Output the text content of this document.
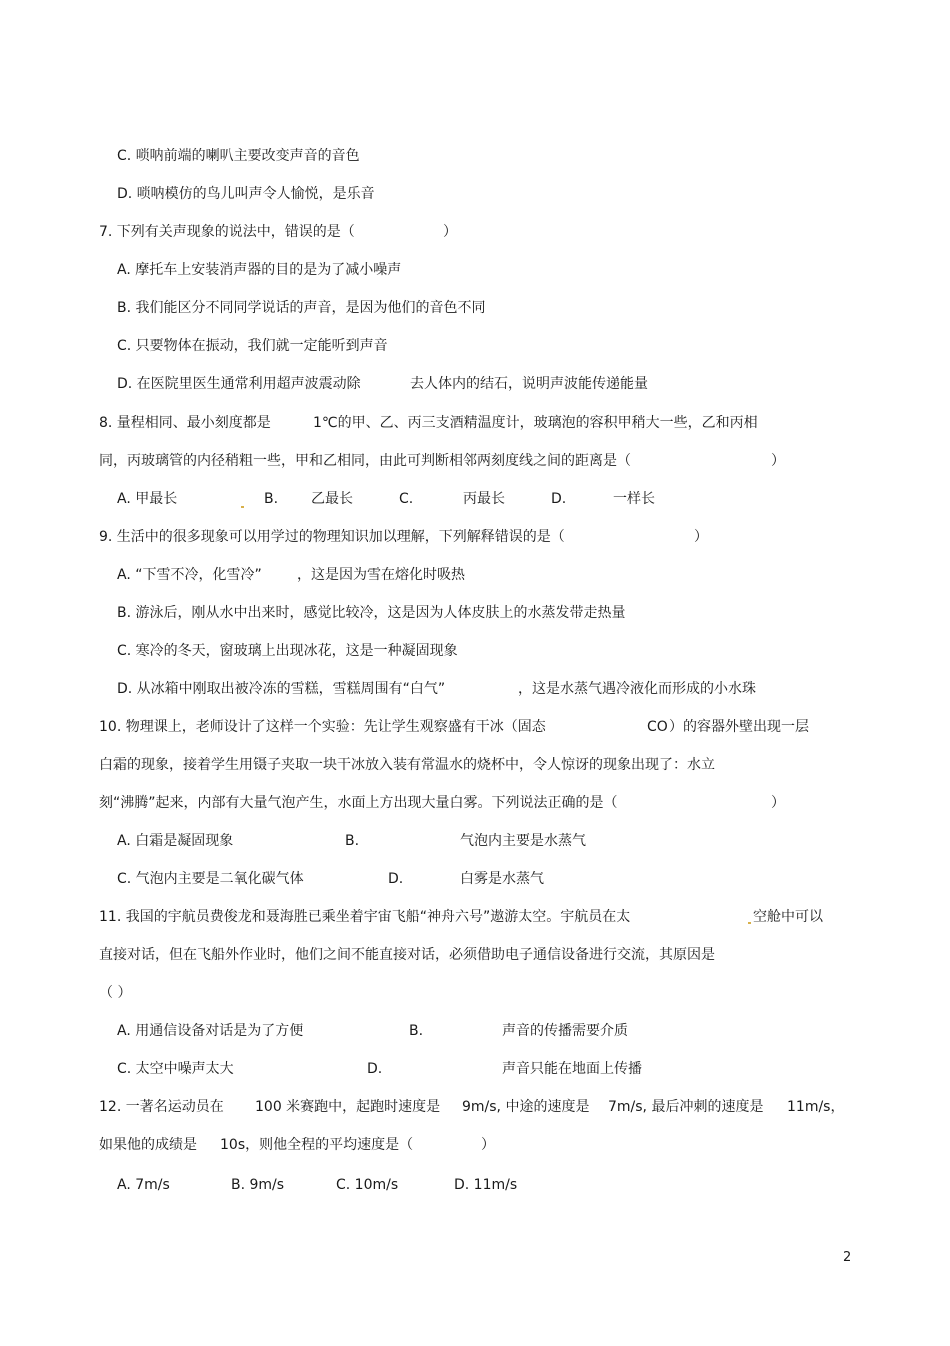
C. 唢呐前端的喇叭主要改变声音的音色
D. 唢呐模仿的鸟儿叫声令人愉悦，是乐音
7. 下列有关声现象的说法中，错误的是（	）
A. 摩托车上安装消声器的目的是为了减小噪声
B. 我们能区分不同同学说话的声音，是因为他们的音色不同
C. 只要物体在振动，我们就一定能听到声音
D. 在医院里医生通常利用超声波震动除	去人体内的结石，说明声波能传递能量
8. 量程相同、最小刻度都是	1℃的甲、乙、丙三支酒精温度计，玻璃泡的容积甲稍大一些，乙和丙相
同，丙玻璃管的内径稍粗一些，甲和乙相同，由此可判断相邻两刻度线之间的距离是（	）
A. 甲最长	B. 乙最长	C.	丙最长	D.	一样长
9. 生活中的很多现象可以用学过的物理知识加以理解，下列解释错误的是（	）
A. “下雪不冷，化雪冷”	，这是因为雪在熔化时吸热
B. 游泳后，刚从水中出来时，感觉比较冷，这是因为人体皮肤上的水蒸发带走热量
C. 寒冷的冬天，窗玻璃上出现冰花，这是一种凝固现象
D. 从冰箱中刚取出被冷冻的雪糕，雪糕周围有“白气”	，这是水蒸气遇冷液化而形成的小水珠
10. 物理课上，老师设计了这样一个实验：先让学生观察盛有干冰（固态	CO ）的容器外壁出现一层
白霜的现象，接着学生用镊子夹取一块干冰放入装有常温水的烧杯中，令人惊讶的现象出现了：水立
刻“沸腾”起来，内部有大量气泡产生，水面上方出现大量白雾。下列说法正确的是（	）
A. 白霜是凝固现象	B.	气泡内主要是水蒸气
C. 气泡内主要是二氧化碳气体	D.	白雾是水蒸气
11. 我国的宇航员费俊龙和聂海胜已乘坐着宇宙飞船“神舟六号”遨游太空。宇航员在太	空舱中可以
直接对话，但在飞船外作业时，他们之间不能直接对话，必须借助电子通信设备进行交流，其原因是
（ ）
A. 用通信设备对话是为了方便	B.	声音的传播需要介质
C. 太空中噪声太大	D.	声音只能在地面上传播
12. 一著名运动员在 100 米赛跑中，起跑时速度是 9m/s, 中途的速度是 7m/s, 最后冲刺的速度是 11m/s，
如果他的成绩是 10s，则他全程的平均速度是（	）
A. 7m/s	B. 9m/s	C. 10m/s	D. 11m/s
2
